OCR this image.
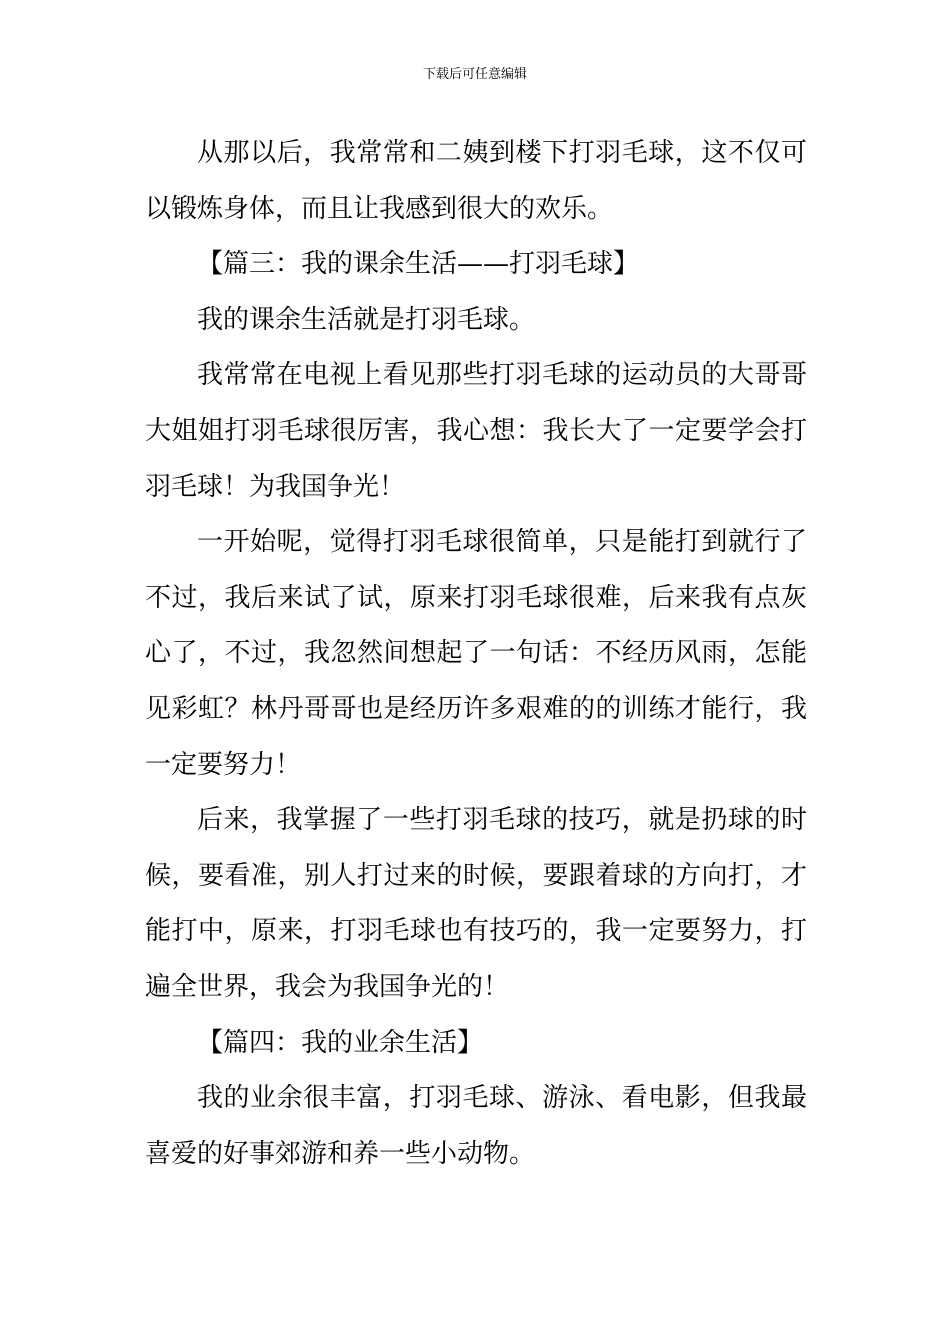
下载后可任意编辑

从那以后，我常常和二姨到楼下打羽毛球，这不仅可以锻炼身体，而且让我感到很大的欢乐。

【篇三：我的课余生活——打羽毛球】

我的课余生活就是打羽毛球。

我常常在电视上看见那些打羽毛球的运动员的大哥哥大姐姐打羽毛球很厉害，我心想：我长大了一定要学会打羽毛球！为我国争光！

一开始呢，觉得打羽毛球很简单，只是能打到就行了不过，我后来试了试，原来打羽毛球很难，后来我有点灰心了，不过，我忽然间想起了一句话：不经历风雨，怎能见彩虹？林丹哥哥也是经历许多艰难的的训练才能行，我一定要努力！

后来，我掌握了一些打羽毛球的技巧，就是扔球的时候，要看准，别人打过来的时候，要跟着球的方向打，才能打中，原来，打羽毛球也有技巧的，我一定要努力，打遍全世界，我会为我国争光的！

【篇四：我的业余生活】

我的业余很丰富，打羽毛球、游泳、看电影，但我最喜爱的好事郊游和养一些小动物。
